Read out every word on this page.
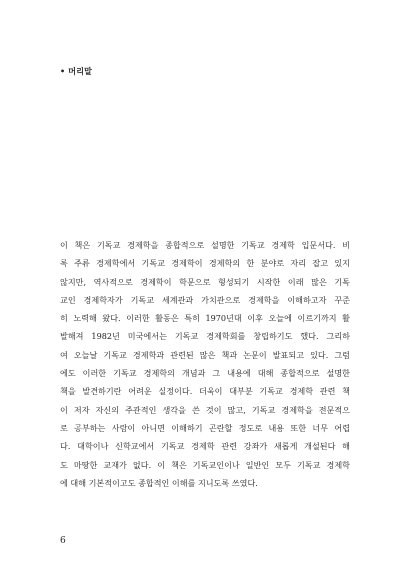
• 머리말
이 책은 기독교 경제학을 종합적으로 설명한 기독교 경제학 입문서다. 비
록 주류 경제학에서 기독교 경제학이 경제학의 한 분야로 자리 잡고 있지
않지만, 역사적으로 경제학이 학문으로 형성되기 시작한 이래 많은 기독
교인 경제학자가 기독교 세계관과 가치관으로 경제학을 이해하고자 꾸준
히 노력해 왔다. 이러한 활동은 특히 1970년대 이후 오늘에 이르기까지 활
발해져 1982년 미국에서는 기독교 경제학회를 창립하기도 했다. 그리하
여 오늘날 기독교 경제학과 관련된 많은 책과 논문이 발표되고 있다. 그럼
에도 이러한 기독교 경제학의 개념과 그 내용에 대해 종합적으로 설명한
책을 발견하기란 어려운 실정이다. 더욱이 대부분 기독교 경제학 관련 책
이 저자 자신의 주관적인 생각을 쓴 것이 많고, 기독교 경제학을 전문적으
로 공부하는 사람이 아니면 이해하기 곤란할 정도로 내용 또한 너무 어렵
다. 대학이나 신학교에서 기독교 경제학 관련 강좌가 새롭게 개설된다 해
도 마땅한 교재가 없다. 이 책은 기독교인이나 일반인 모두 기독교 경제학
에 대해 기본적이고도 종합적인 이해를 지니도록 쓰였다.
6
